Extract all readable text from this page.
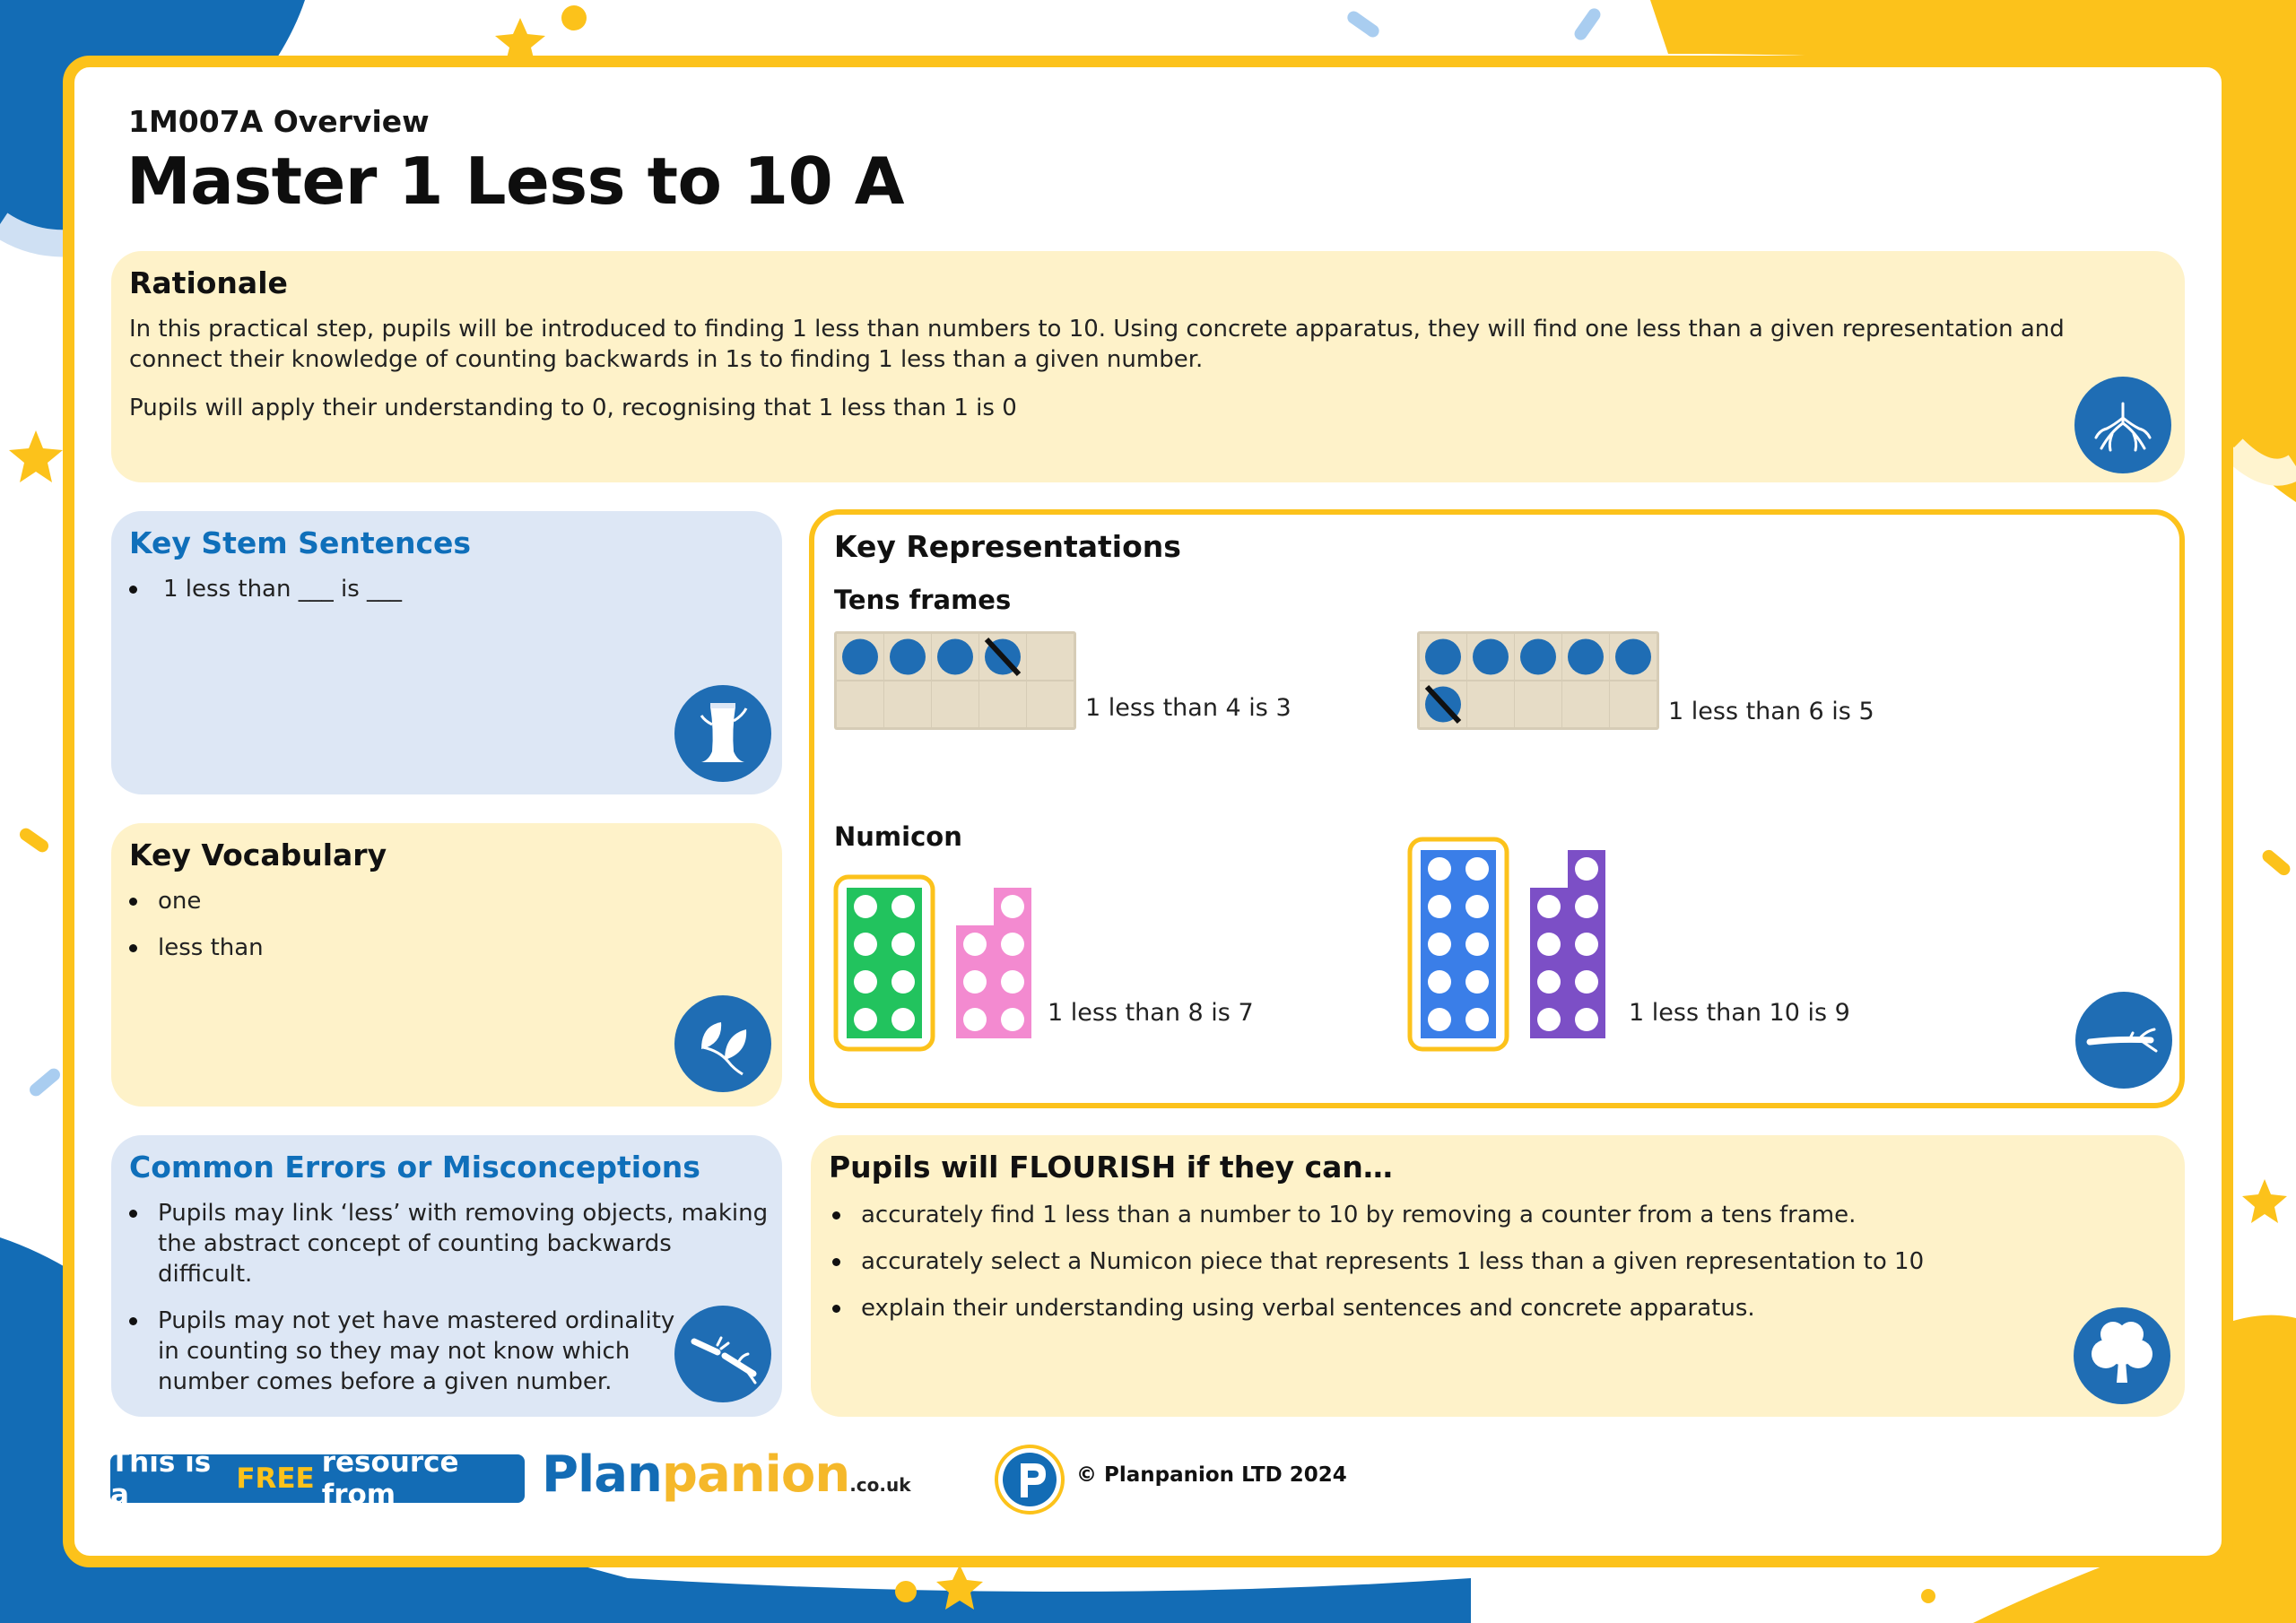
1M007A Overview
Master 1 Less to 10 A
Rationale

In this practical step, pupils will be introduced to finding 1 less than numbers to 10. Using concrete apparatus, they will find one less than a given representation and connect their knowledge of counting backwards in 1s to finding 1 less than a given number.

Pupils will apply their understanding to 0, recognising that 1 less than 1 is 0

Key Stem Sentences
1 less than ___ is ___
Key Vocabulary
one
less than
Common Errors or Misconceptions
Pupils may link ‘less’ with removing objects, making the abstract concept of counting backwards difficult.
Pupils may not yet have mastered ordinality in counting so they may not know which number comes before a given number.
Key Representations
Tens frames
1 less than 4 is 3	1 less than 6 is 5
Numicon
1 less than 8 is 7	1 less than 10 is 9
Pupils will FLOURISH if they can…
accurately find 1 less than a number to 10 by removing a counter from a tens frame.
accurately select a Numicon piece that represents 1 less than a given representation to 10
explain their understanding using verbal sentences and concrete apparatus.
This is a	FREE resource from	Planpanion.co.uk	© Planpanion LTD 2024
